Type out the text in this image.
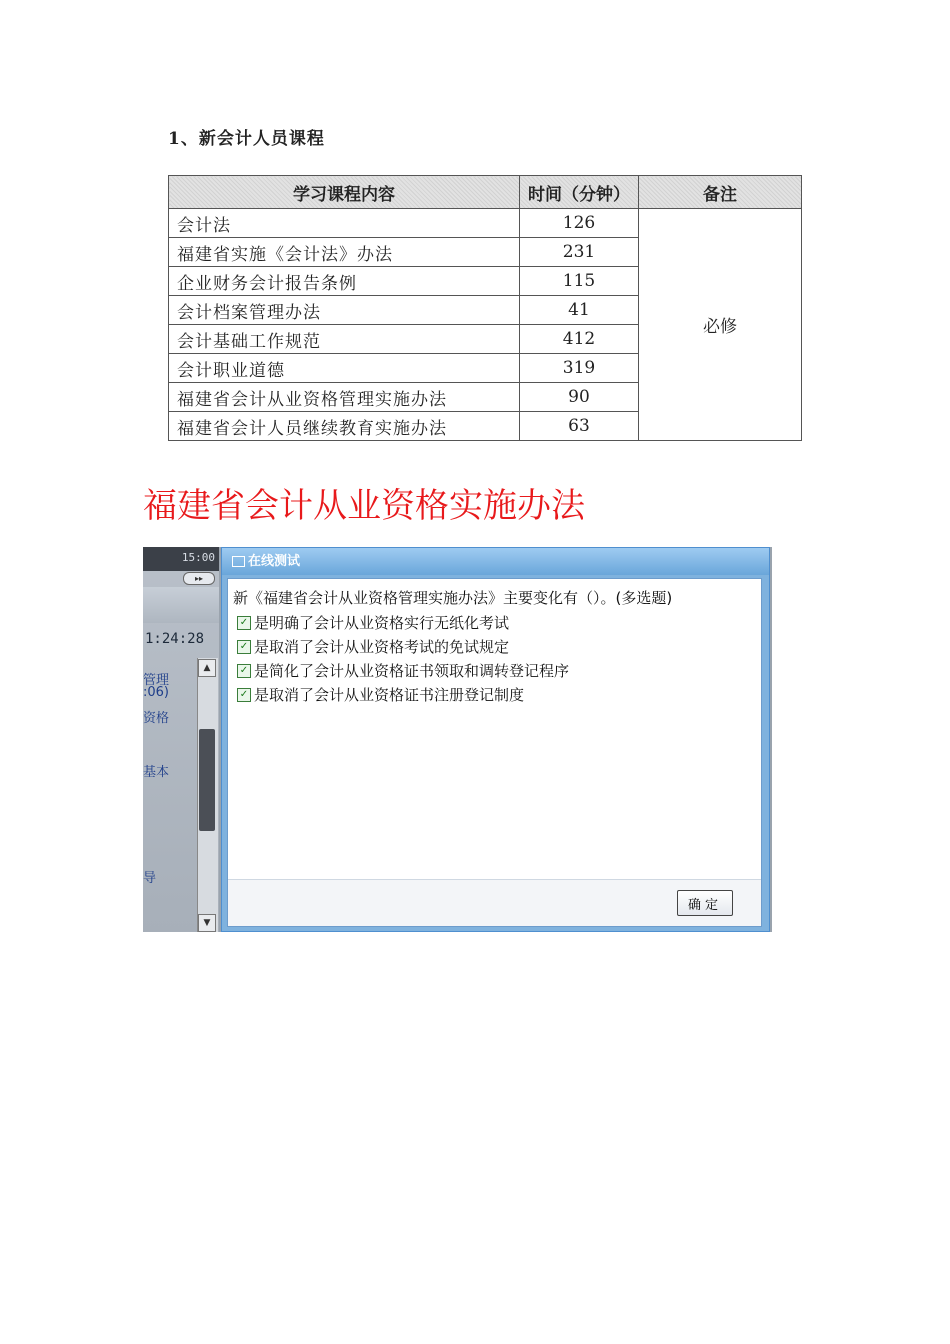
1、新会计人员课程
学习课程内容	时间（分钟）	备注
会计法	126	必修
福建省实施《会计法》办法	231	
企业财务会计报告条例	115	
会计档案管理办法	41	
会计基础工作规范	412	
会计职业道德	319	
福建省会计从业资格管理实施办法	90	
福建省会计人员继续教育实施办法	63	
福建省会计从业资格实施办法
15:00
▸▸
1:24:28
管理
:06)
资格
基本
导
▲
▼
在线测试
新《福建省会计从业资格管理实施办法》主要变化有（）。(多选题)
✓ 是明确了会计从业资格实行无纸化考试
✓ 是取消了会计从业资格考试的免试规定
✓ 是简化了会计从业资格证书领取和调转登记程序
✓ 是取消了会计从业资格证书注册登记制度
确定
